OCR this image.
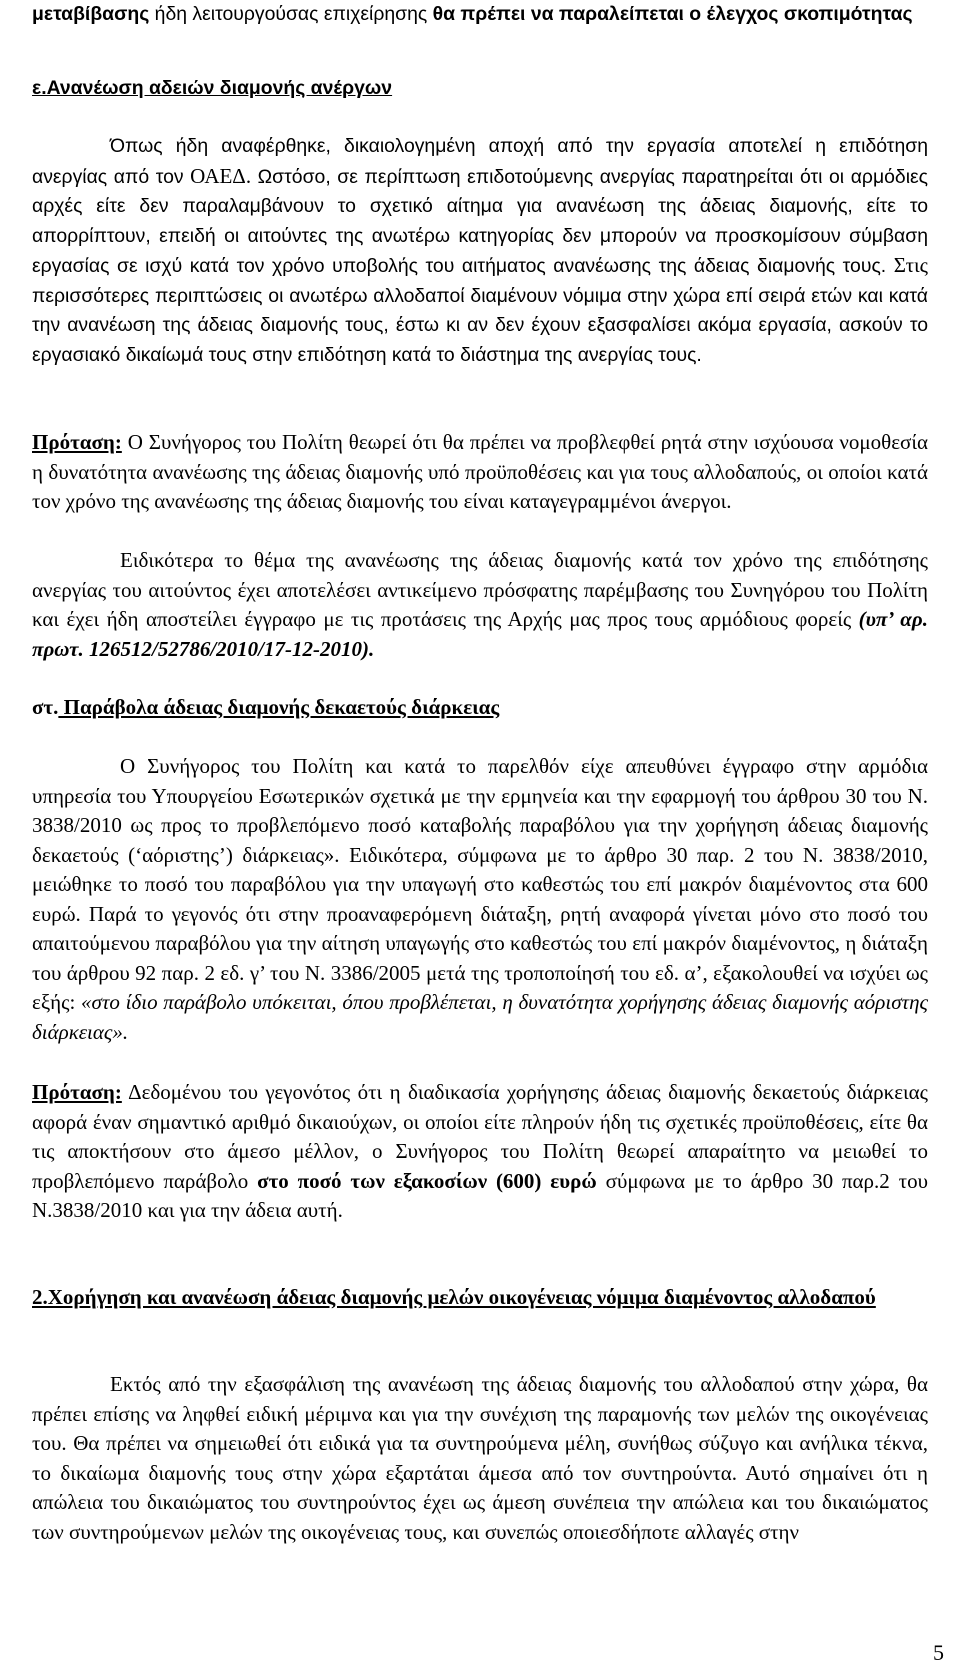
μεταβίβασης ήδη λειτουργούσας επιχείρησης θα πρέπει να παραλείπεται ο έλεγχος σκοπιμότητας

ε.Ανανέωση αδειών διαμονής ανέργων

Όπως ήδη αναφέρθηκε, δικαιολογημένη αποχή από την εργασία αποτελεί η επιδότηση ανεργίας από τον ΟΑΕΔ. Ωστόσο, σε περίπτωση επιδοτούμενης ανεργίας παρατηρείται ότι οι αρμόδιες αρχές είτε δεν παραλαμβάνουν το σχετικό αίτημα για ανανέωση της άδειας διαμονής, είτε το απορρίπτουν, επειδή οι αιτούντες της ανωτέρω κατηγορίας δεν μπορούν να προσκομίσουν σύμβαση εργασίας σε ισχύ κατά τον χρόνο υποβολής του αιτήματος ανανέωσης της άδειας διαμονής τους. Στις περισσότερες περιπτώσεις οι ανωτέρω αλλοδαποί διαμένουν νόμιμα στην χώρα επί σειρά ετών και κατά την ανανέωση της άδειας διαμονής τους, έστω κι αν δεν έχουν εξασφαλίσει ακόμα εργασία, ασκούν το εργασιακό δικαίωμά τους στην επιδότηση κατά το διάστημα της ανεργίας τους.

Πρόταση: Ο Συνήγορος του Πολίτη θεωρεί ότι θα πρέπει να προβλεφθεί ρητά στην ισχύουσα νομοθεσία η δυνατότητα ανανέωσης της άδειας διαμονής υπό προϋποθέσεις και για τους αλλοδαπούς, οι οποίοι κατά τον χρόνο της ανανέωσης της άδειας διαμονής του είναι καταγεγραμμένοι άνεργοι.

Ειδικότερα το θέμα της ανανέωσης της άδειας διαμονής κατά τον χρόνο της επιδότησης ανεργίας του αιτούντος έχει αποτελέσει αντικείμενο πρόσφατης παρέμβασης του Συνηγόρου του Πολίτη και έχει ήδη αποστείλει έγγραφο με τις προτάσεις της Αρχής μας προς τους αρμόδιους φορείς (υπ’ αρ. πρωτ. 126512/52786/2010/17-12-2010).

στ. Παράβολα άδειας διαμονής δεκαετούς διάρκειας

Ο Συνήγορος του Πολίτη και κατά το παρελθόν είχε απευθύνει έγγραφο στην αρμόδια υπηρεσία του Υπουργείου Εσωτερικών σχετικά με την ερμηνεία και την εφαρμογή του άρθρου 30 του Ν. 3838/2010 ως προς το προβλεπόμενο ποσό καταβολής παραβόλου για την χορήγηση άδειας διαμονής δεκαετούς (‘αόριστης’) διάρκειας». Ειδικότερα, σύμφωνα με το άρθρο 30 παρ. 2 του Ν. 3838/2010, μειώθηκε το ποσό του παραβόλου για την υπαγωγή στο καθεστώς του επί μακρόν διαμένοντος στα 600 ευρώ. Παρά το γεγονός ότι στην προαναφερόμενη διάταξη, ρητή αναφορά γίνεται μόνο στο ποσό του απαιτούμενου παραβόλου για την αίτηση υπαγωγής στο καθεστώς του επί μακρόν διαμένοντος, η διάταξη του άρθρου 92 παρ. 2 εδ. γ’ του Ν. 3386/2005 μετά της τροποποίησή του εδ. α’, εξακολουθεί να ισχύει ως εξής: «στο ίδιο παράβολο υπόκειται, όπου προβλέπεται, η δυνατότητα χορήγησης άδειας διαμονής αόριστης διάρκειας».

Πρόταση: Δεδομένου του γεγονότος ότι η διαδικασία χορήγησης άδειας διαμονής δεκαετούς διάρκειας αφορά έναν σημαντικό αριθμό δικαιούχων, οι οποίοι είτε πληρούν ήδη τις σχετικές προϋποθέσεις, είτε θα τις αποκτήσουν στο άμεσο μέλλον, ο Συνήγορος του Πολίτη θεωρεί απαραίτητο να μειωθεί το προβλεπόμενο παράβολο στο ποσό των εξακοσίων (600) ευρώ σύμφωνα με το άρθρο 30 παρ.2 του Ν.3838/2010 και για την άδεια αυτή.

2.Χορήγηση και ανανέωση άδειας διαμονής μελών οικογένειας νόμιμα διαμένοντος αλλοδαπού

Εκτός από την εξασφάλιση της ανανέωση της άδειας διαμονής του αλλοδαπού στην χώρα, θα πρέπει επίσης να ληφθεί ειδική μέριμνα και για την συνέχιση της παραμονής των μελών της οικογένειας του. Θα πρέπει να σημειωθεί ότι ειδικά για τα συντηρούμενα μέλη, συνήθως σύζυγο και ανήλικα τέκνα, το δικαίωμα διαμονής τους στην χώρα εξαρτάται άμεσα από τον συντηρούντα. Αυτό σημαίνει ότι η απώλεια του δικαιώματος του συντηρούντος έχει ως άμεση συνέπεια την απώλεια και του δικαιώματος των συντηρούμενων μελών της οικογένειας τους, και συνεπώς οποιεσδήποτε αλλαγές στην

5
